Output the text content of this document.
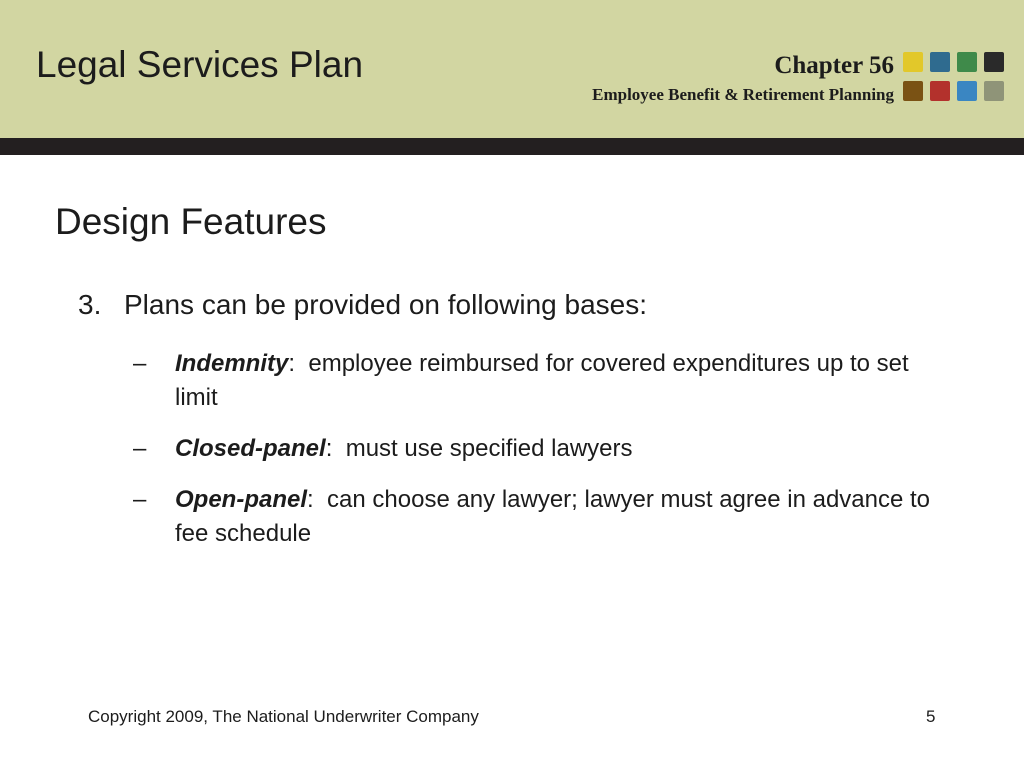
Legal Services Plan	Chapter 56
Employee Benefit & Retirement Planning
Design Features
3. Plans can be provided on following bases:
– Indemnity: employee reimbursed for covered expenditures up to set limit
– Closed-panel: must use specified lawyers
– Open-panel: can choose any lawyer; lawyer must agree in advance to fee schedule
Copyright 2009, The National Underwriter Company	5
